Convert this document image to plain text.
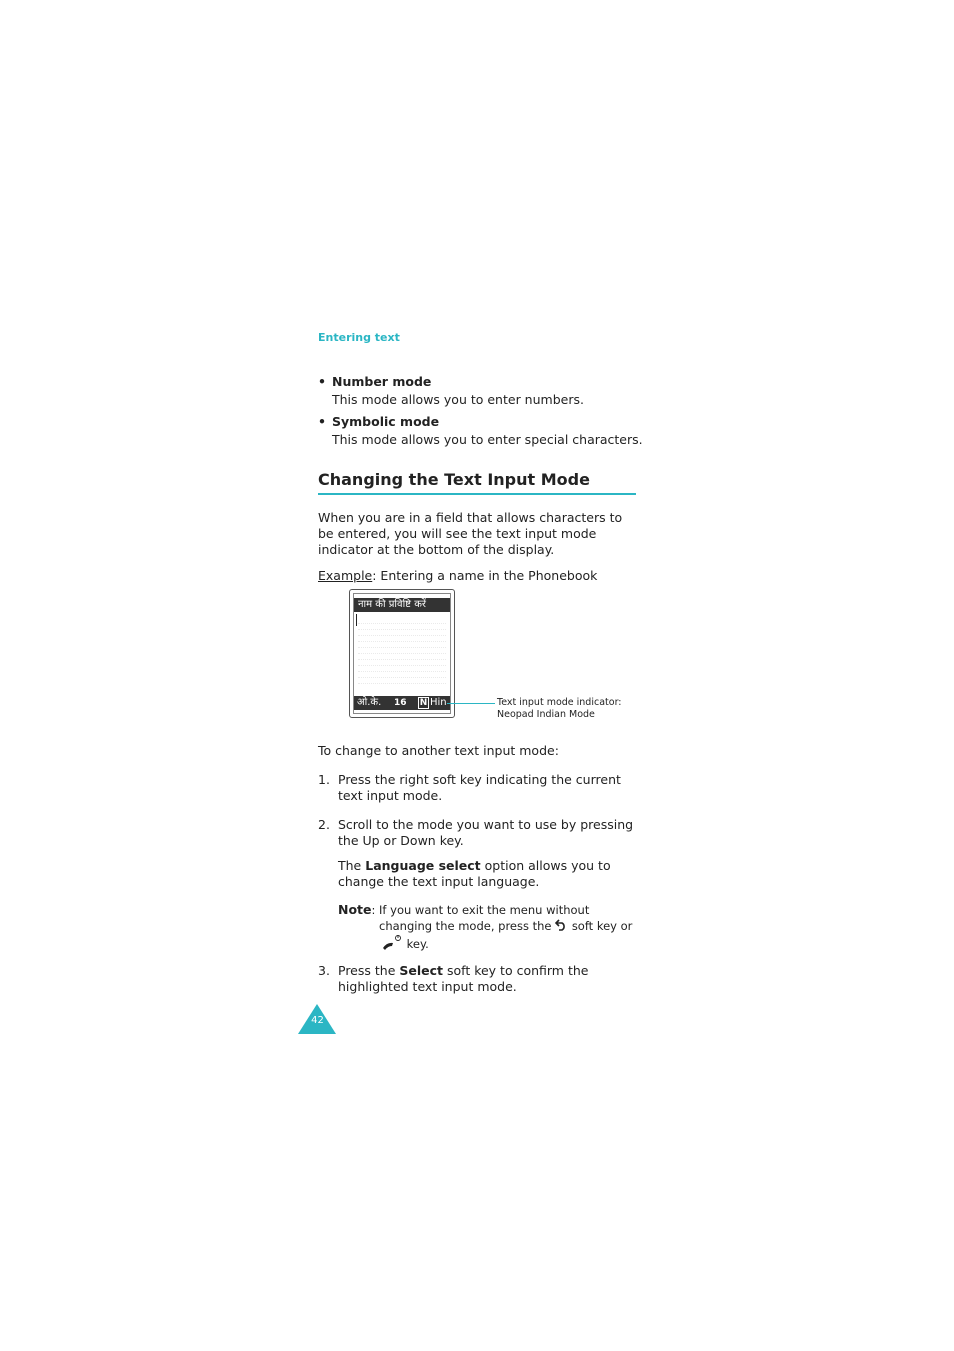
Entering text
• Number mode
This mode allows you to enter numbers.
• Symbolic mode
This mode allows you to enter special characters.
Changing the Text Input Mode
When you are in a field that allows characters to be entered, you will see the text input mode indicator at the bottom of the display.
Example: Entering a name in the Phonebook
नाम की प्रविष्टि करें
ओ.के. 16 N Hin	Text input mode indicator:
Neopad Indian Mode
To change to another text input mode:
1. Press the right soft key indicating the current
text input mode.
2. Scroll to the mode you want to use by pressing
the Up or Down key.
The Language select option allows you to
change the text input language.
Note: If you want to exit the menu without
changing the mode, press the soft key or
key.
3. Press the Select soft key to confirm the
highlighted text input mode.
42
